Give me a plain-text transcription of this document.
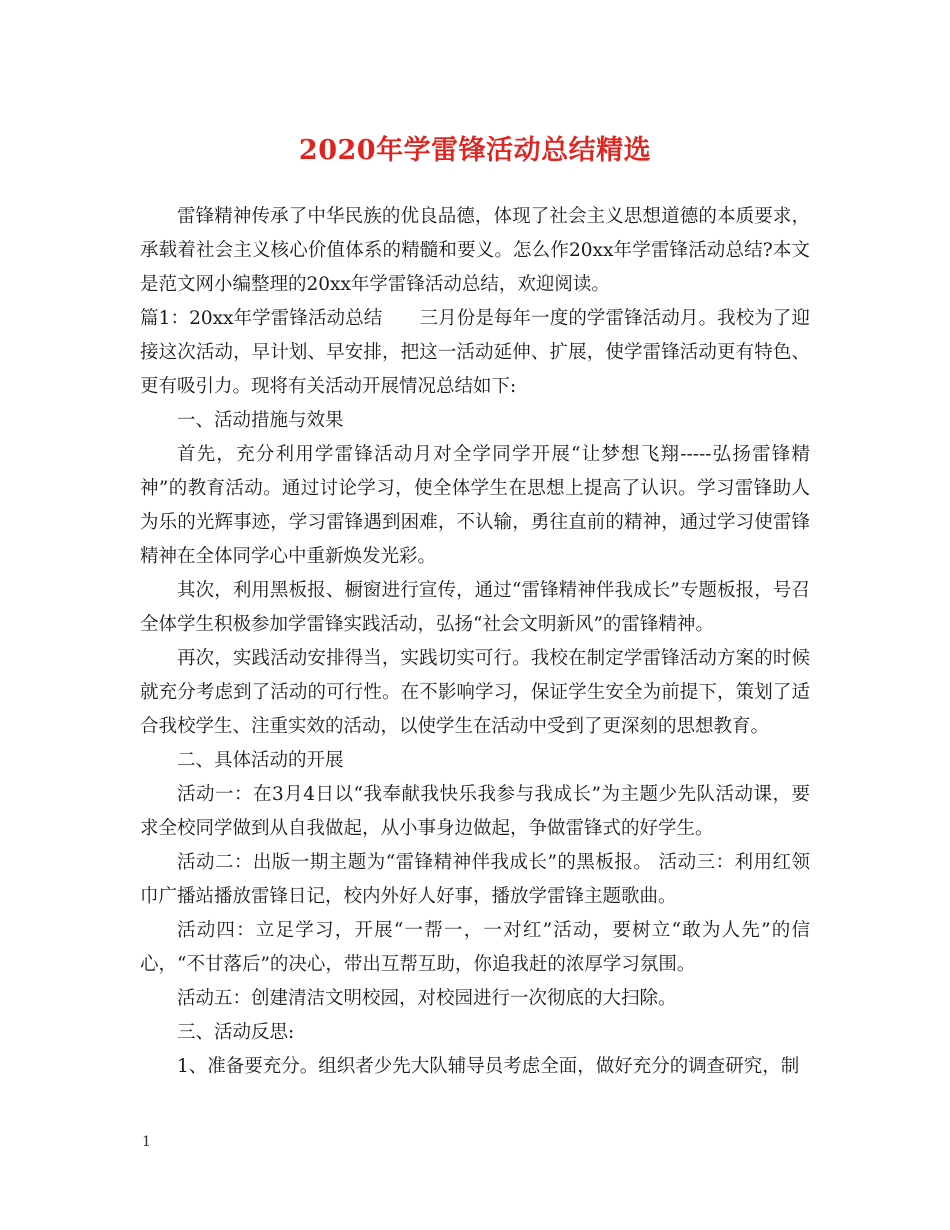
2020年学雷锋活动总结精选

雷锋精神传承了中华民族的优良品德，体现了社会主义思想道德的本质要求，承载着社会主义核心价值体系的精髓和要义。怎么作20xx年学雷锋活动总结?本文是范文网小编整理的20xx年学雷锋活动总结，欢迎阅读。

篇1：20xx年学雷锋活动总结　　三月份是每年一度的学雷锋活动月。我校为了迎接这次活动，早计划、早安排，把这一活动延伸、扩展，使学雷锋活动更有特色、更有吸引力。现将有关活动开展情况总结如下:

一、活动措施与效果

首先，充分利用学雷锋活动月对全学同学开展“让梦想飞翔-----弘扬雷锋精神”的教育活动。通过讨论学习，使全体学生在思想上提高了认识。学习雷锋助人为乐的光辉事迹，学习雷锋遇到困难，不认输，勇往直前的精神，通过学习使雷锋精神在全体同学心中重新焕发光彩。

其次，利用黑板报、橱窗进行宣传，通过“雷锋精神伴我成长”专题板报，号召全体学生积极参加学雷锋实践活动，弘扬“社会文明新风”的雷锋精神。

再次，实践活动安排得当，实践切实可行。我校在制定学雷锋活动方案的时候就充分考虑到了活动的可行性。在不影响学习，保证学生安全为前提下，策划了适合我校学生、注重实效的活动，以使学生在活动中受到了更深刻的思想教育。

二、具体活动的开展

活动一：在3月4日以“我奉献我快乐我参与我成长”为主题少先队活动课，要求全校同学做到从自我做起，从小事身边做起，争做雷锋式的好学生。

活动二：出版一期主题为“雷锋精神伴我成长”的黑板报。 活动三：利用红领巾广播站播放雷锋日记，校内外好人好事，播放学雷锋主题歌曲。

活动四：立足学习，开展“一帮一，一对红”活动，要树立“敢为人先”的信心，“不甘落后”的决心，带出互帮互助，你追我赶的浓厚学习氛围。

活动五：创建清洁文明校园，对校园进行一次彻底的大扫除。

三、活动反思:

1、准备要充分。组织者少先大队辅导员考虑全面，做好充分的调查研究，制

1
